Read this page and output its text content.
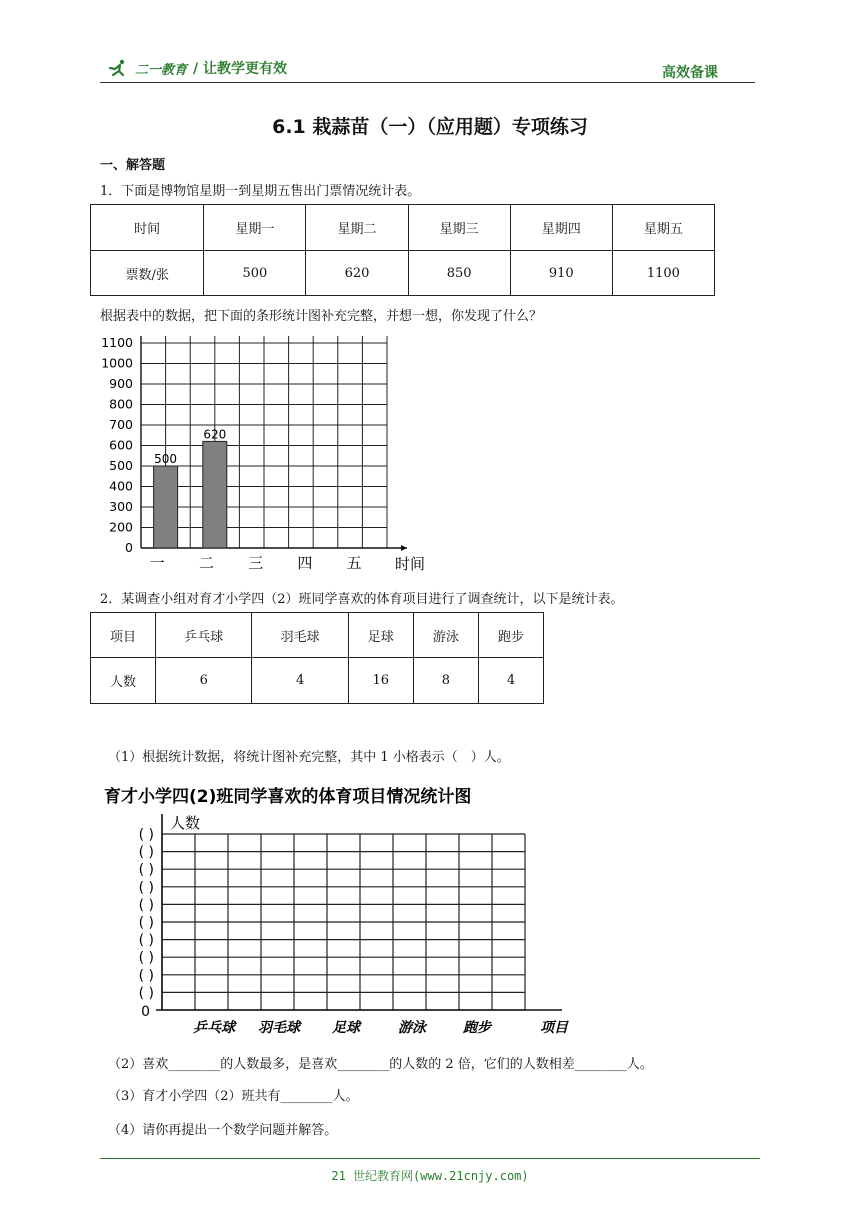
二一教育 / 让教学更有效	高效备课
6.1 栽蒜苗（一）（应用题）专项练习
一、解答题
1．下面是博物馆星期一到星期五售出门票情况统计表。
时间	星期一	星期二	星期三	星期四	星期五
票数/张	500	620	850	910	1100
根据表中的数据，把下面的条形统计图补充完整，并想一想，你发现了什么？
0
200
300
400
500
600
700
800
900
1000
1100
一
500
二
620
三 四 五 时间
2．某调查小组对育才小学四（2）班同学喜欢的体育项目进行了调查统计，以下是统计表。
项目	乒乓球	羽毛球	足球	游泳	跑步
人数	6	4	16	8	4
（1）根据统计数据，将统计图补充完整，其中 1 小格表示（　）人。
育才小学四(2)班同学喜欢的体育项目情况统计图
人数
0
( )
( )
( )
( )
( )
( )
( )
( )
( )
( )
乒乓球 羽毛球 足球	游泳	跑步	项目
（2）喜欢________的人数最多，是喜欢________的人数的 2 倍，它们的人数相差________人。
（3）育才小学四（2）班共有________人。
（4）请你再提出一个数学问题并解答。
21 世纪教育网(www.21cnjy.com)
